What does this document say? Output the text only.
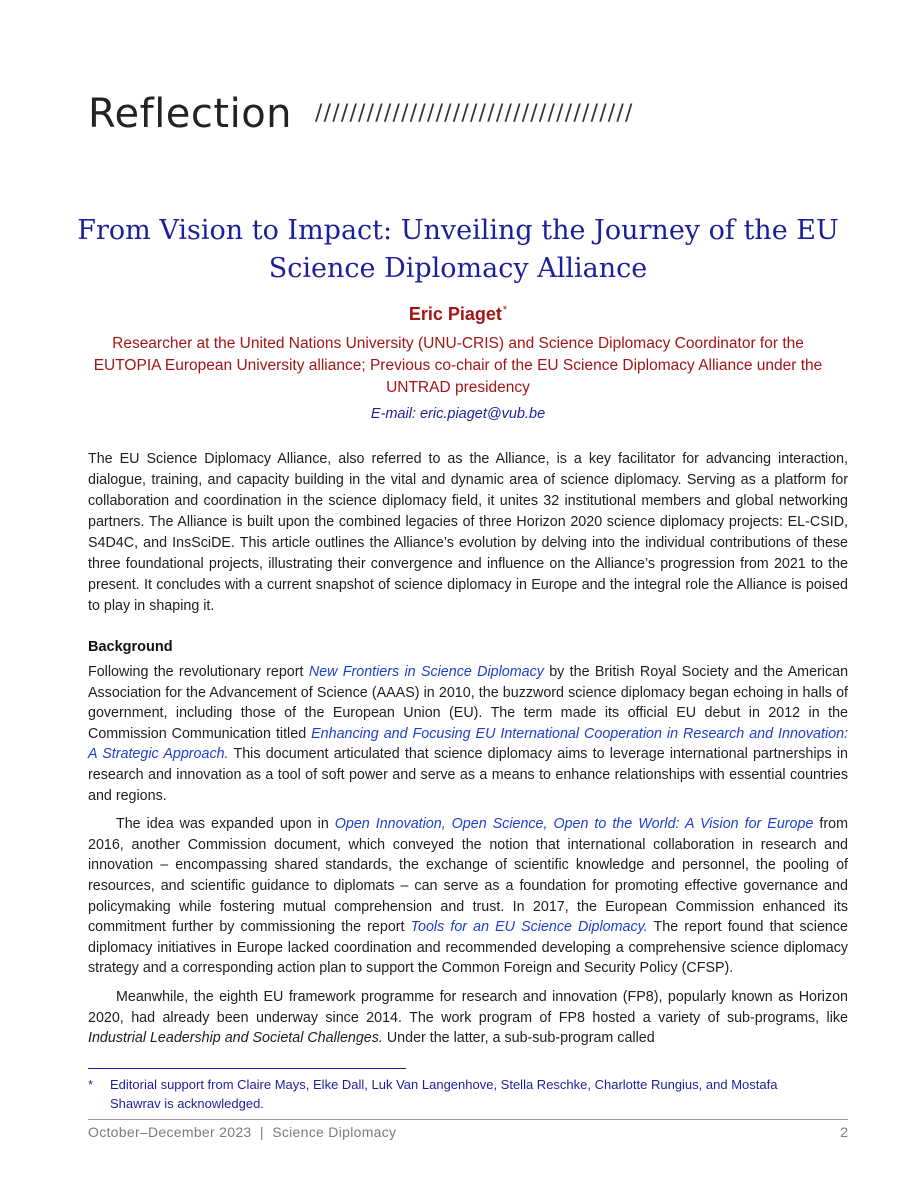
Reflection /////////////////////////////////////
From Vision to Impact: Unveiling the Journey of the EU Science Diplomacy Alliance
Eric Piaget*
Researcher at the United Nations University (UNU-CRIS) and Science Diplomacy Coordinator for the EUTOPIA European University alliance; Previous co-chair of the EU Science Diplomacy Alliance under the UNTRAD presidency
E-mail: eric.piaget@vub.be

The EU Science Diplomacy Alliance, also referred to as the Alliance, is a key facilitator for advancing interaction, dialogue, training, and capacity building in the vital and dynamic area of science diplomacy. Serving as a platform for collaboration and coordination in the science diplomacy field, it unites 32 institutional members and global networking partners. The Alliance is built upon the combined legacies of three Horizon 2020 science diplomacy projects: EL-CSID, S4D4C, and InsSciDE. This article outlines the Alliance’s evolution by delving into the individual contributions of these three foundational projects, illustrating their convergence and influence on the Alliance’s progression from 2021 to the present. It concludes with a current snapshot of science diplomacy in Europe and the integral role the Alliance is poised to play in shaping it.

Background

Following the revolutionary report New Frontiers in Science Diplomacy by the British Royal Society and the American Association for the Advancement of Science (AAAS) in 2010, the buzzword science diplomacy began echoing in halls of government, including those of the European Union (EU). The term made its official EU debut in 2012 in the Commission Communication titled Enhancing and Focusing EU International Cooperation in Research and Innovation: A Strategic Approach. This document articulated that science diplomacy aims to leverage international partnerships in research and innovation as a tool of soft power and serve as a means to enhance relationships with essential countries and regions.

The idea was expanded upon in Open Innovation, Open Science, Open to the World: A Vision for Europe from 2016, another Commission document, which conveyed the notion that international collaboration in research and innovation – encompassing shared standards, the exchange of scientific knowledge and personnel, the pooling of resources, and scientific guidance to diplomats – can serve as a foundation for promoting effective governance and policymaking while fostering mutual comprehension and trust. In 2017, the European Commission enhanced its commitment further by commissioning the report Tools for an EU Science Diplomacy. The report found that science diplomacy initiatives in Europe lacked coordination and recommended developing a comprehensive science diplomacy strategy and a corresponding action plan to support the Common Foreign and Security Policy (CFSP).

Meanwhile, the eighth EU framework programme for research and innovation (FP8), popularly known as Horizon 2020, had already been underway since 2014. The work program of FP8 hosted a variety of sub-programs, like Industrial Leadership and Societal Challenges. Under the latter, a sub-sub-program called

*	Editorial support from Claire Mays, Elke Dall, Luk Van Langenhove, Stella Reschke, Charlotte Rungius, and Mostafa Shawrav is acknowledged.
October–December 2023  |  Science Diplomacy	2
